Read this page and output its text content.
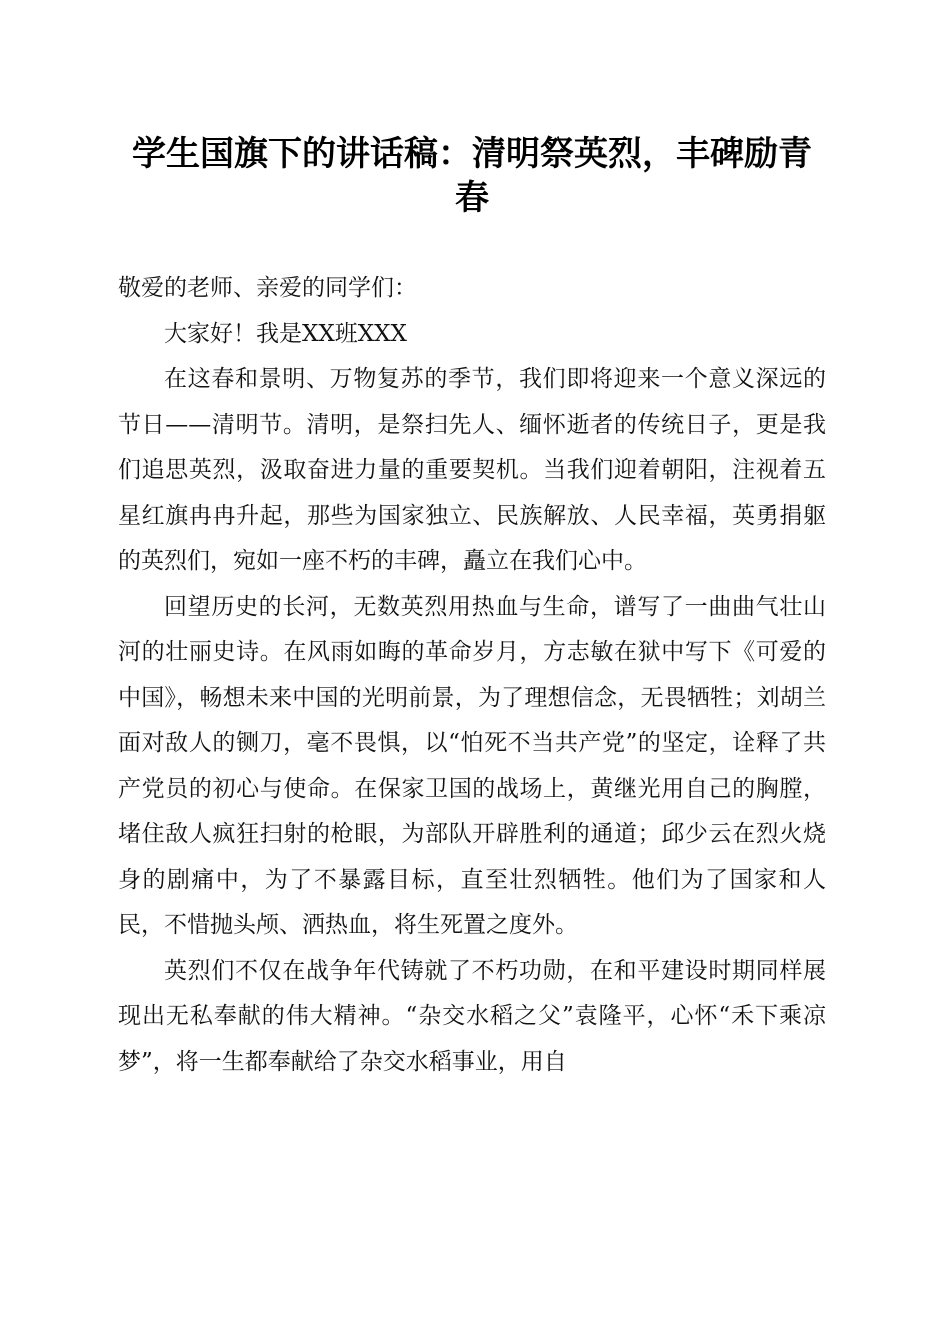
学生国旗下的讲话稿：清明祭英烈，丰碑励青春

敬爱的老师、亲爱的同学们：

大家好！我是XX班XXX

在这春和景明、万物复苏的季节，我们即将迎来一个意义深远的节日——清明节。清明，是祭扫先人、缅怀逝者的传统日子，更是我们追思英烈，汲取奋进力量的重要契机。当我们迎着朝阳，注视着五星红旗冉冉升起，那些为国家独立、民族解放、人民幸福，英勇捐躯的英烈们，宛如一座不朽的丰碑，矗立在我们心中。

回望历史的长河，无数英烈用热血与生命，谱写了一曲曲气壮山河的壮丽史诗。在风雨如晦的革命岁月，方志敏在狱中写下《可爱的中国》，畅想未来中国的光明前景，为了理想信念，无畏牺牲；刘胡兰面对敌人的铡刀，毫不畏惧，以“怕死不当共产党”的坚定，诠释了共产党员的初心与使命。在保家卫国的战场上，黄继光用自己的胸膛，堵住敌人疯狂扫射的枪眼，为部队开辟胜利的通道；邱少云在烈火烧身的剧痛中，为了不暴露目标，直至壮烈牺牲。他们为了国家和人民，不惜抛头颅、洒热血，将生死置之度外。

英烈们不仅在战争年代铸就了不朽功勋，在和平建设时期同样展现出无私奉献的伟大精神。“杂交水稻之父”袁隆平，心怀“禾下乘凉梦”，将一生都奉献给了杂交水稻事业，用自
